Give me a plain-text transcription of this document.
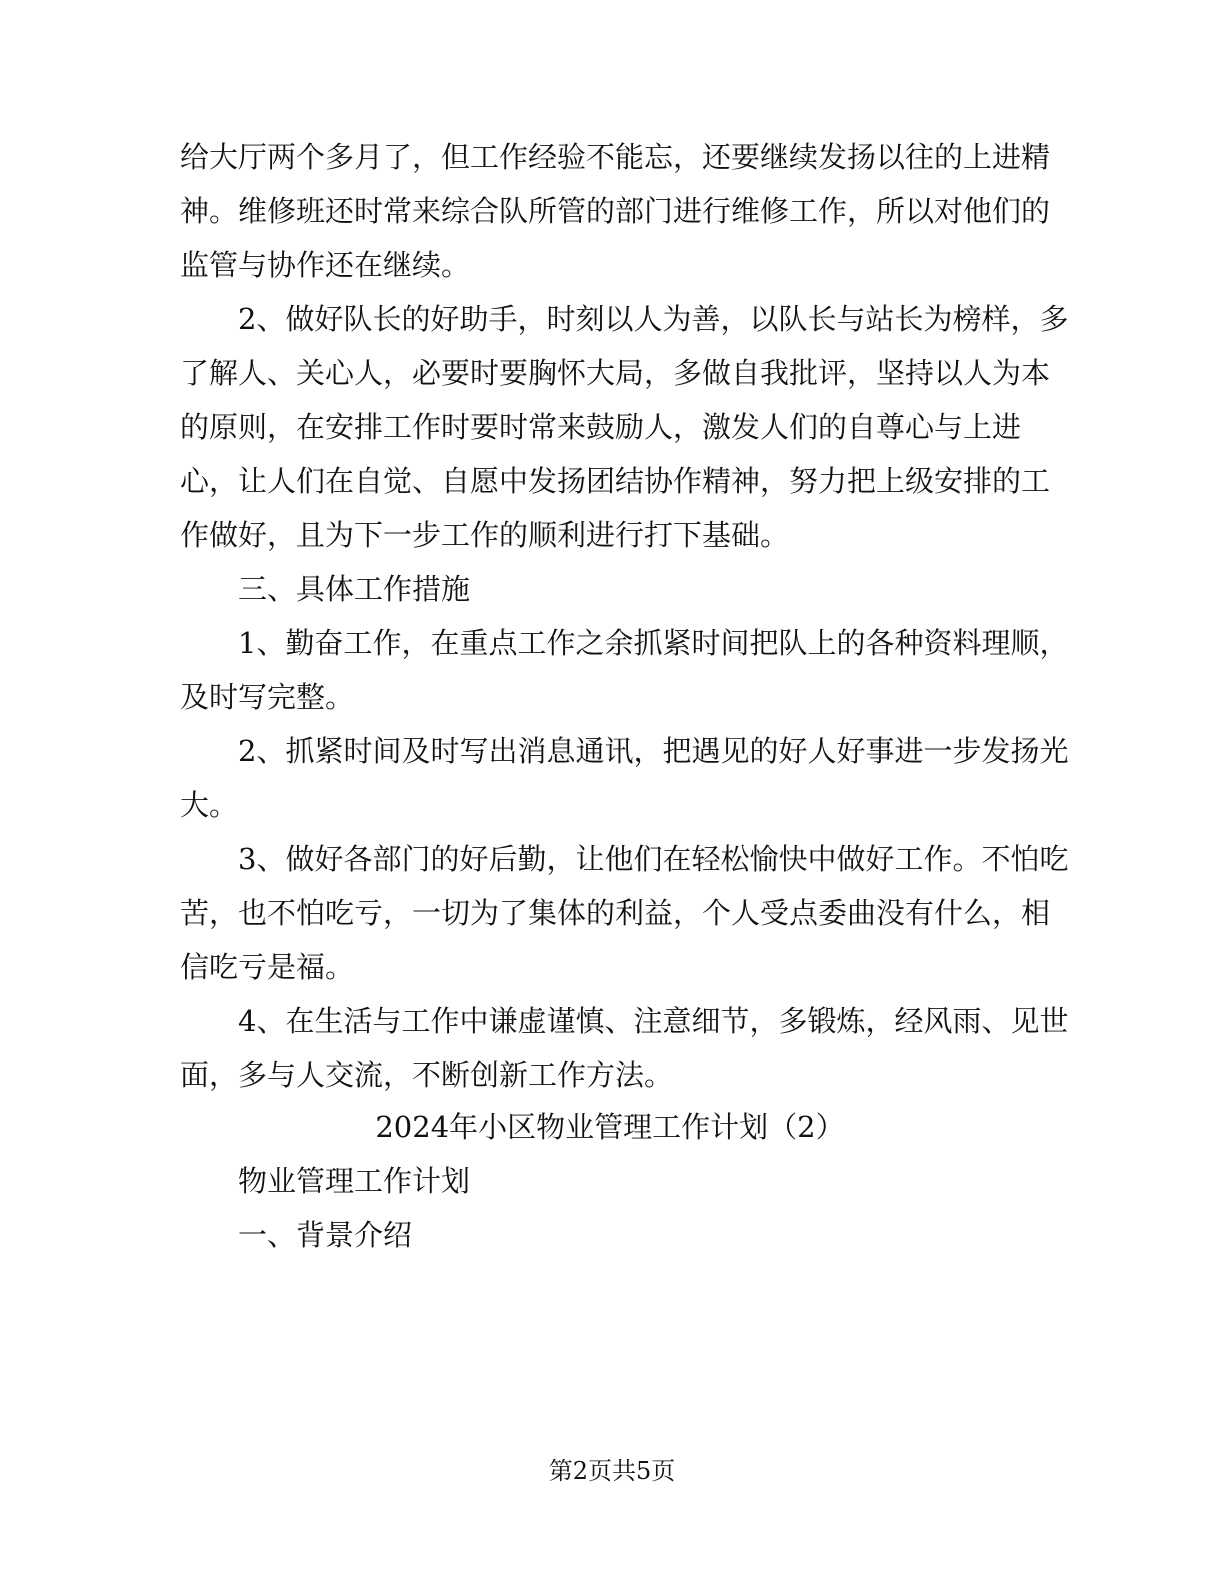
给大厅两个多月了，但工作经验不能忘，还要继续发扬以往的上进精
神。维修班还时常来综合队所管的部门进行维修工作，所以对他们的
监管与协作还在继续。
　　2、做好队长的好助手，时刻以人为善，以队长与站长为榜样，多
了解人、关心人，必要时要胸怀大局，多做自我批评，坚持以人为本
的原则，在安排工作时要时常来鼓励人，激发人们的自尊心与上进
心，让人们在自觉、自愿中发扬团结协作精神，努力把上级安排的工
作做好，且为下一步工作的顺利进行打下基础。
　　三、具体工作措施
　　1、勤奋工作，在重点工作之余抓紧时间把队上的各种资料理顺，
及时写完整。
　　2、抓紧时间及时写出消息通讯，把遇见的好人好事进一步发扬光
大。
　　3、做好各部门的好后勤，让他们在轻松愉快中做好工作。不怕吃
苦，也不怕吃亏，一切为了集体的利益，个人受点委曲没有什么，相
信吃亏是福。
　　4、在生活与工作中谦虚谨慎、注意细节，多锻炼，经风雨、见世
面，多与人交流，不断创新工作方法。
2024年小区物业管理工作计划（2）
　　物业管理工作计划
　　一、背景介绍
第2页共5页
